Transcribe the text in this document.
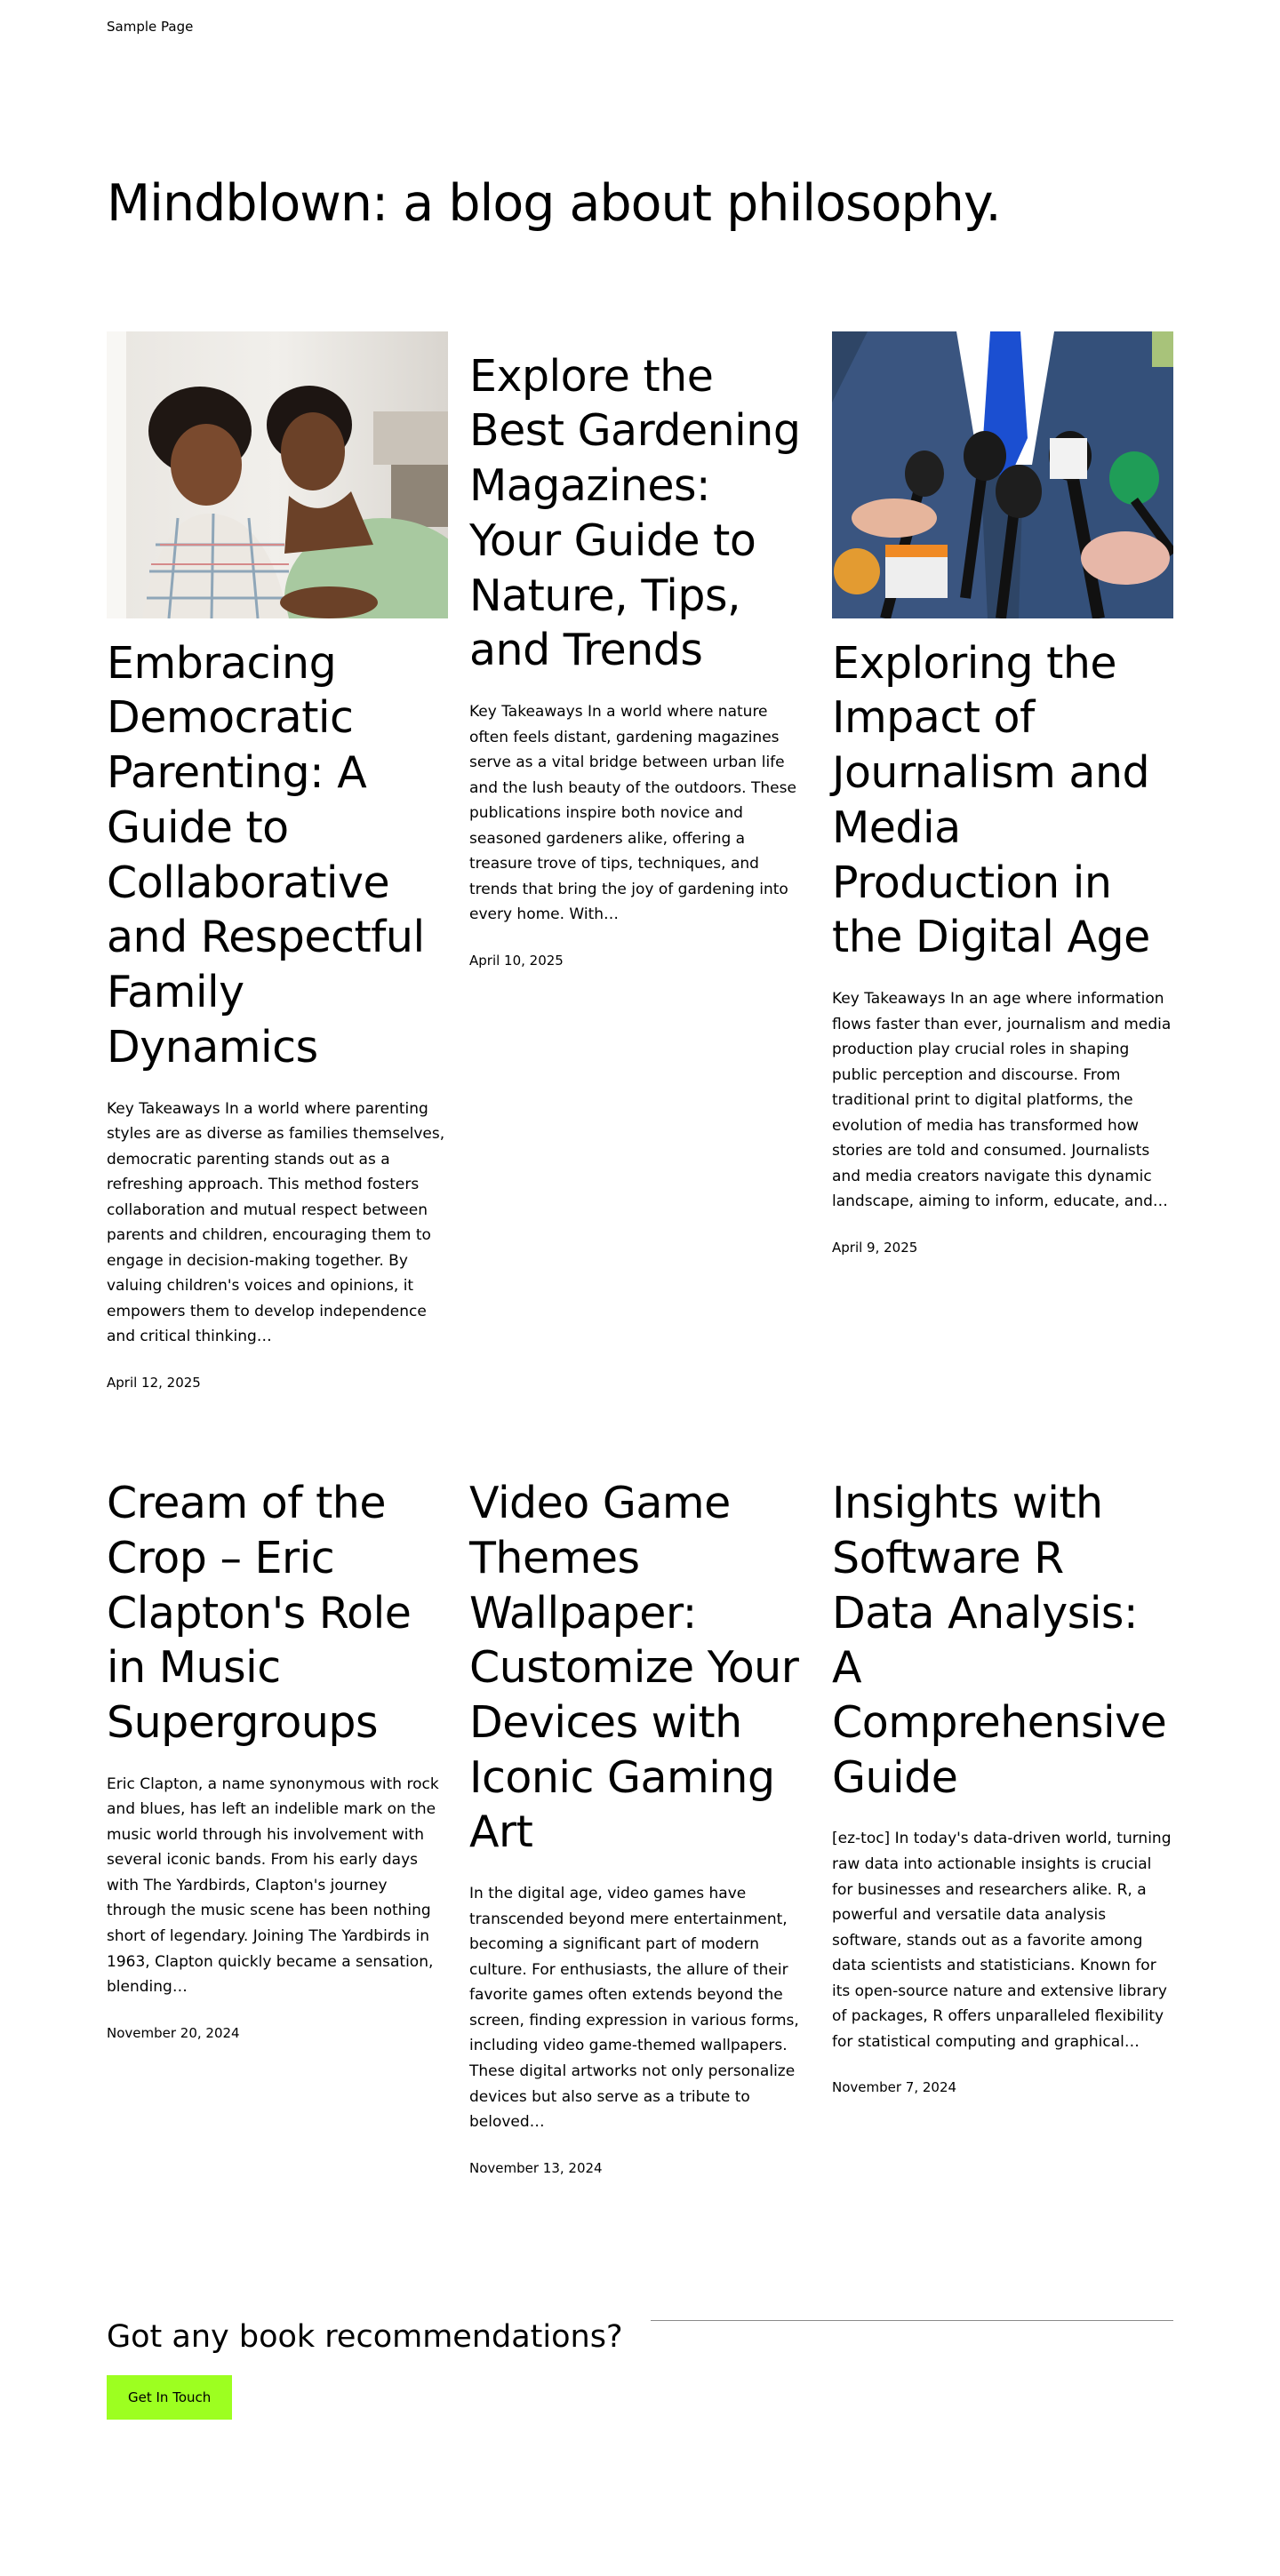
Sample Page
Mindblown: a blog about philosophy.
Embracing Democratic Parenting: A Guide to Collaborative and Respectful Family Dynamics

Key Takeaways In a world where parenting styles are as diverse as families themselves, democratic parenting stands out as a refreshing approach. This method fosters collaboration and mutual respect between parents and children, encouraging them to engage in decision-making together. By valuing children's voices and opinions, it empowers them to develop independence and critical thinking…

April 12, 2025

Explore the Best Gardening Magazines: Your Guide to Nature, Tips, and Trends

Key Takeaways In a world where nature often feels distant, gardening magazines serve as a vital bridge between urban life and the lush beauty of the outdoors. These publications inspire both novice and seasoned gardeners alike, offering a treasure trove of tips, techniques, and trends that bring the joy of gardening into every home. With…

April 10, 2025

Exploring the Impact of Journalism and Media Production in the Digital Age

Key Takeaways In an age where information flows faster than ever, journalism and media production play crucial roles in shaping public perception and discourse. From traditional print to digital platforms, the evolution of media has transformed how stories are told and consumed. Journalists and media creators navigate this dynamic landscape, aiming to inform, educate, and…

April 9, 2025

Cream of the Crop – Eric Clapton's Role in Music Supergroups

Eric Clapton, a name synonymous with rock and blues, has left an indelible mark on the music world through his involvement with several iconic bands. From his early days with The Yardbirds, Clapton's journey through the music scene has been nothing short of legendary. Joining The Yardbirds in 1963, Clapton quickly became a sensation, blending…

November 20, 2024

Video Game Themes Wallpaper: Customize Your Devices with Iconic Gaming Art

In the digital age, video games have transcended beyond mere entertainment, becoming a significant part of modern culture. For enthusiasts, the allure of their favorite games often extends beyond the screen, finding expression in various forms, including video game-themed wallpapers. These digital artworks not only personalize devices but also serve as a tribute to beloved…

November 13, 2024

Insights with Software R Data Analysis: A Comprehensive Guide

[ez-toc] In today's data-driven world, turning raw data into actionable insights is crucial for businesses and researchers alike. R, a powerful and versatile data analysis software, stands out as a favorite among data scientists and statisticians. Known for its open-source nature and extensive library of packages, R offers unparalleled flexibility for statistical computing and graphical…

November 7, 2024

Got any book recommendations?
Get In Touch
